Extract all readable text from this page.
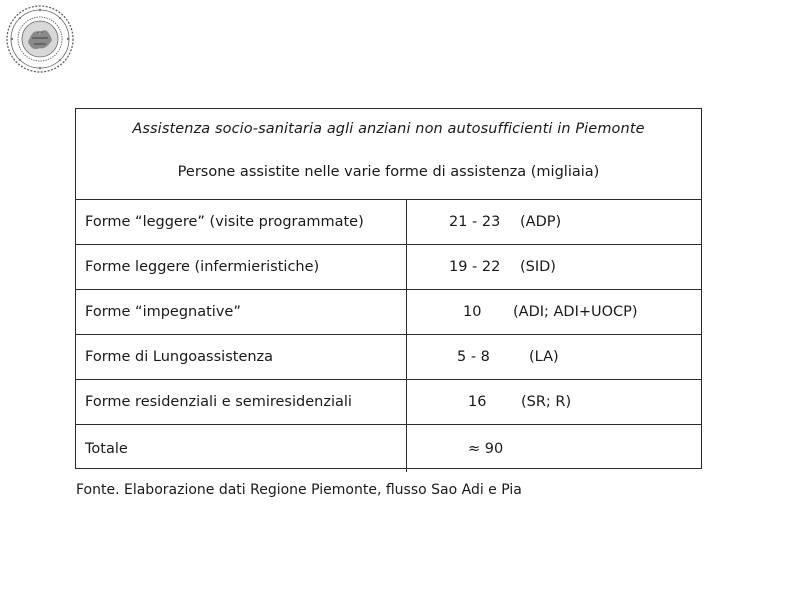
Assistenza socio-sanitaria agli anziani non autosufficienti in Piemonte
Persone assistite nelle varie forme di assistenza (migliaia)
Forme “leggere” (visite programmate)	21 - 23 (ADP)
Forme leggere (infermieristiche)	19 - 22 (SID)
Forme “impegnative”	10 (ADI; ADI+UOCP)
Forme di Lungoassistenza	5 - 8	(LA)
Forme residenziali e semiresidenziali	16 (SR; R)
Totale	≈ 90
Fonte. Elaborazione dati Regione Piemonte, flusso Sao Adi e Pia
